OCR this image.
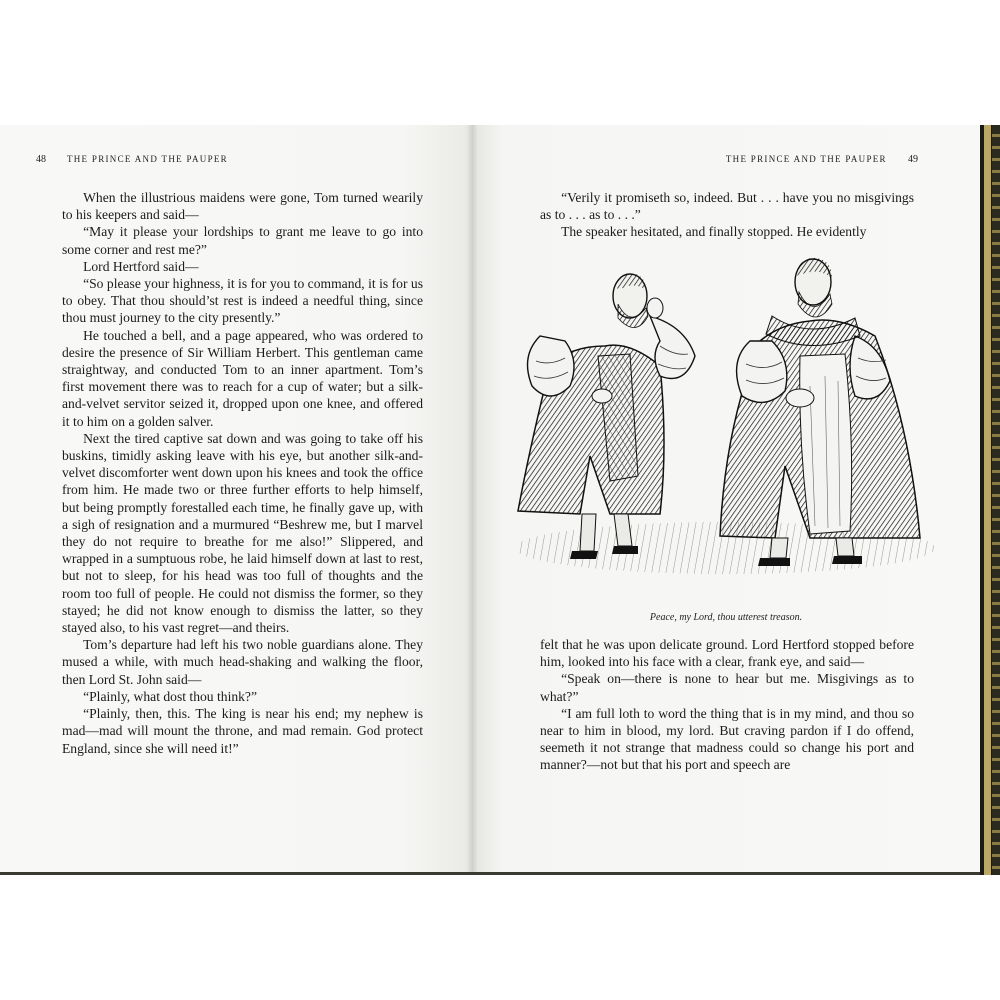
48 THE PRINCE AND THE PAUPER

When the illustrious maidens were gone, Tom turned wearily to his keepers and said—

“May it please your lordships to grant me leave to go into some corner and rest me?”

Lord Hertford said—

“So please your highness, it is for you to command, it is for us to obey. That thou should’st rest is indeed a needful thing, since thou must journey to the city presently.”

He touched a bell, and a page appeared, who was ordered to desire the presence of Sir William Herbert. This gentleman came straightway, and conducted Tom to an inner apartment. Tom’s first movement there was to reach for a cup of water; but a silk-and-velvet servitor seized it, dropped upon one knee, and offered it to him on a golden salver.

Next the tired captive sat down and was going to take off his buskins, timidly asking leave with his eye, but another silk-and-velvet discomforter went down upon his knees and took the office from him. He made two or three further efforts to help himself, but being promptly forestalled each time, he finally gave up, with a sigh of resignation and a murmured “Beshrew me, but I marvel they do not require to breathe for me also!” Slippered, and wrapped in a sumptuous robe, he laid himself down at last to rest, but not to sleep, for his head was too full of thoughts and the room too full of people. He could not dismiss the former, so they stayed; he did not know enough to dismiss the latter, so they stayed also, to his vast regret—and theirs.

Tom’s departure had left his two noble guardians alone. They mused a while, with much head-shaking and walking the floor, then Lord St. John said—

“Plainly, what dost thou think?”

“Plainly, then, this. The king is near his end; my nephew is mad—mad will mount the throne, and mad remain. God protect England, since she will need it!”

THE PRINCE AND THE PAUPER 49

“Verily it promiseth so, indeed. But . . . have you no misgivings as to . . . as to . . .”

The speaker hesitated, and finally stopped. He evidently

felt that he was upon delicate ground. Lord Hertford stopped before him, looked into his face with a clear, frank eye, and said—

“Speak on—there is none to hear but me. Misgivings as to what?”

“I am full loth to word the thing that is in my mind, and thou so near to him in blood, my lord. But craving pardon if I do offend, seemeth it not strange that madness could so change his port and manner?—not but that his port and speech are

Peace, my Lord, thou utterest treason.
